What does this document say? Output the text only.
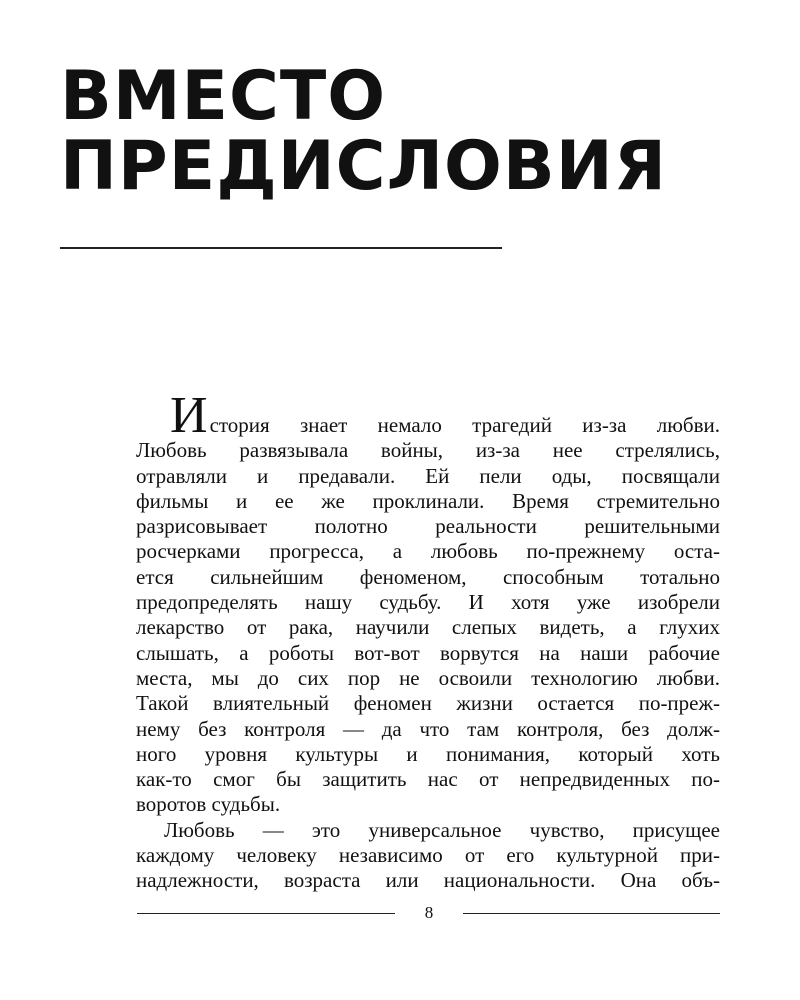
ВМЕСТО
ПРЕДИСЛОВИЯ
И стория знает немало трагедий из-за любви.
Любовь развязывала войны, из-за нее стрелялись,
отравляли и предавали. Ей пели оды, посвящали
фильмы и ее же проклинали. Время стремительно
разрисовывает полотно реальности решительными
росчерками прогресса, а любовь по-прежнему оста-
ется сильнейшим феноменом, способным тотально
предопределять нашу судьбу. И хотя уже изобрели
лекарство от рака, научили слепых видеть, а глухих
слышать, а роботы вот-вот ворвутся на наши рабочие
места, мы до сих пор не освоили технологию любви.
Такой влиятельный феномен жизни остается по-преж-
нему без контроля — да что там контроля, без долж-
ного уровня культуры и понимания, который хоть
как-то смог бы защитить нас от непредвиденных по-
воротов судьбы.
Любовь — это универсальное чувство, присущее
каждому человеку независимо от его культурной при-
надлежности, возраста или национальности. Она объ-
8
